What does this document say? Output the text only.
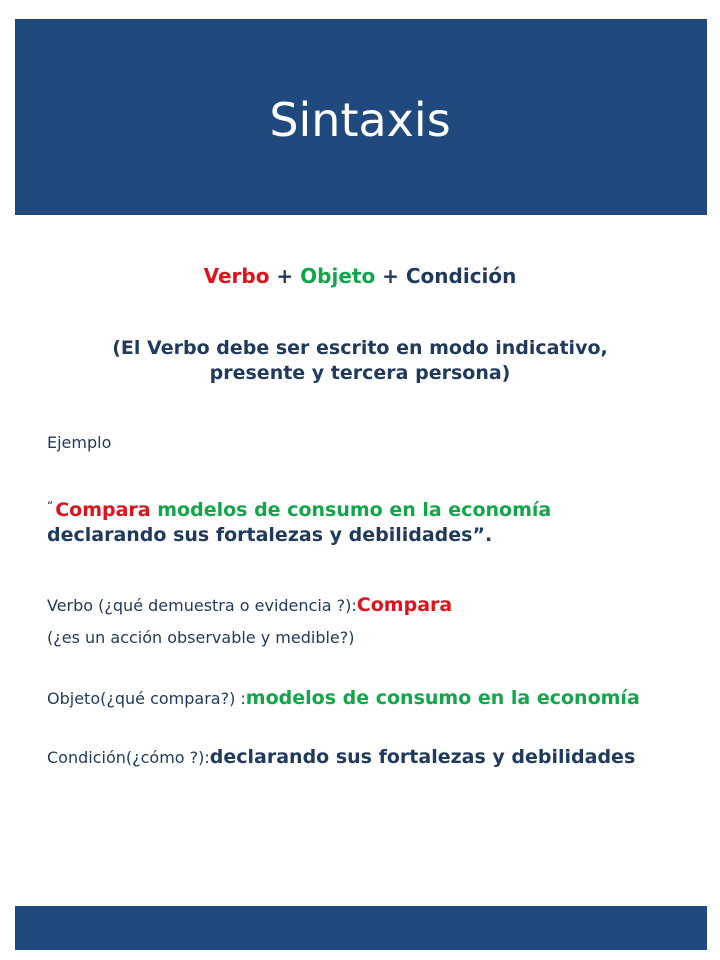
Sintaxis
Verbo + Objeto + Condición
(El Verbo debe ser escrito en modo indicativo,
presente y tercera persona)
Ejemplo
“ Compara modelos de consumo en la economía
declarando sus fortalezas y debilidades”.
Verbo (¿qué demuestra o evidencia ?):Compara
(¿es un acción observable y medible?)
Objeto(¿qué compara?) :modelos de consumo en la economía
Condición(¿cómo ?):declarando sus fortalezas y debilidades
